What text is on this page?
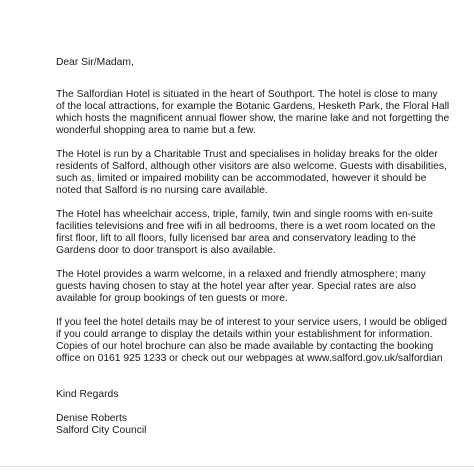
Dear Sir/Madam,

The Salfordian Hotel is situated in the heart of Southport. The hotel is close to many
of the local attractions, for example the Botanic Gardens, Hesketh Park, the Floral Hall
which hosts the magnificent annual flower show, the marine lake and not forgetting the
wonderful shopping area to name but a few.

The Hotel is run by a Charitable Trust and specialises in holiday breaks for the older
residents of Salford, although other visitors are also welcome. Guests with disabilities,
such as, limited or impaired mobility can be accommodated, however it should be
noted that Salford is no nursing care available.

The Hotel has wheelchair access, triple, family, twin and single rooms with en-suite
facilities televisions and free wifi in all bedrooms, there is a wet room located on the
first floor, lift to all floors, fully licensed bar area and conservatory leading to the
Gardens door to door transport is also available.

The Hotel provides a warm welcome, in a relaxed and friendly atmosphere; many
guests having chosen to stay at the hotel year after year. Special rates are also
available for group bookings of ten guests or more.

If you feel the hotel details may be of interest to your service users, I would be obliged
if you could arrange to display the details within your establishment for information.
Copies of our hotel brochure can also be made available by contacting the booking
office on 0161 925 1233 or check out our webpages at www.salford.gov.uk/salfordian

Kind Regards

Denise Roberts
Salford City Council
